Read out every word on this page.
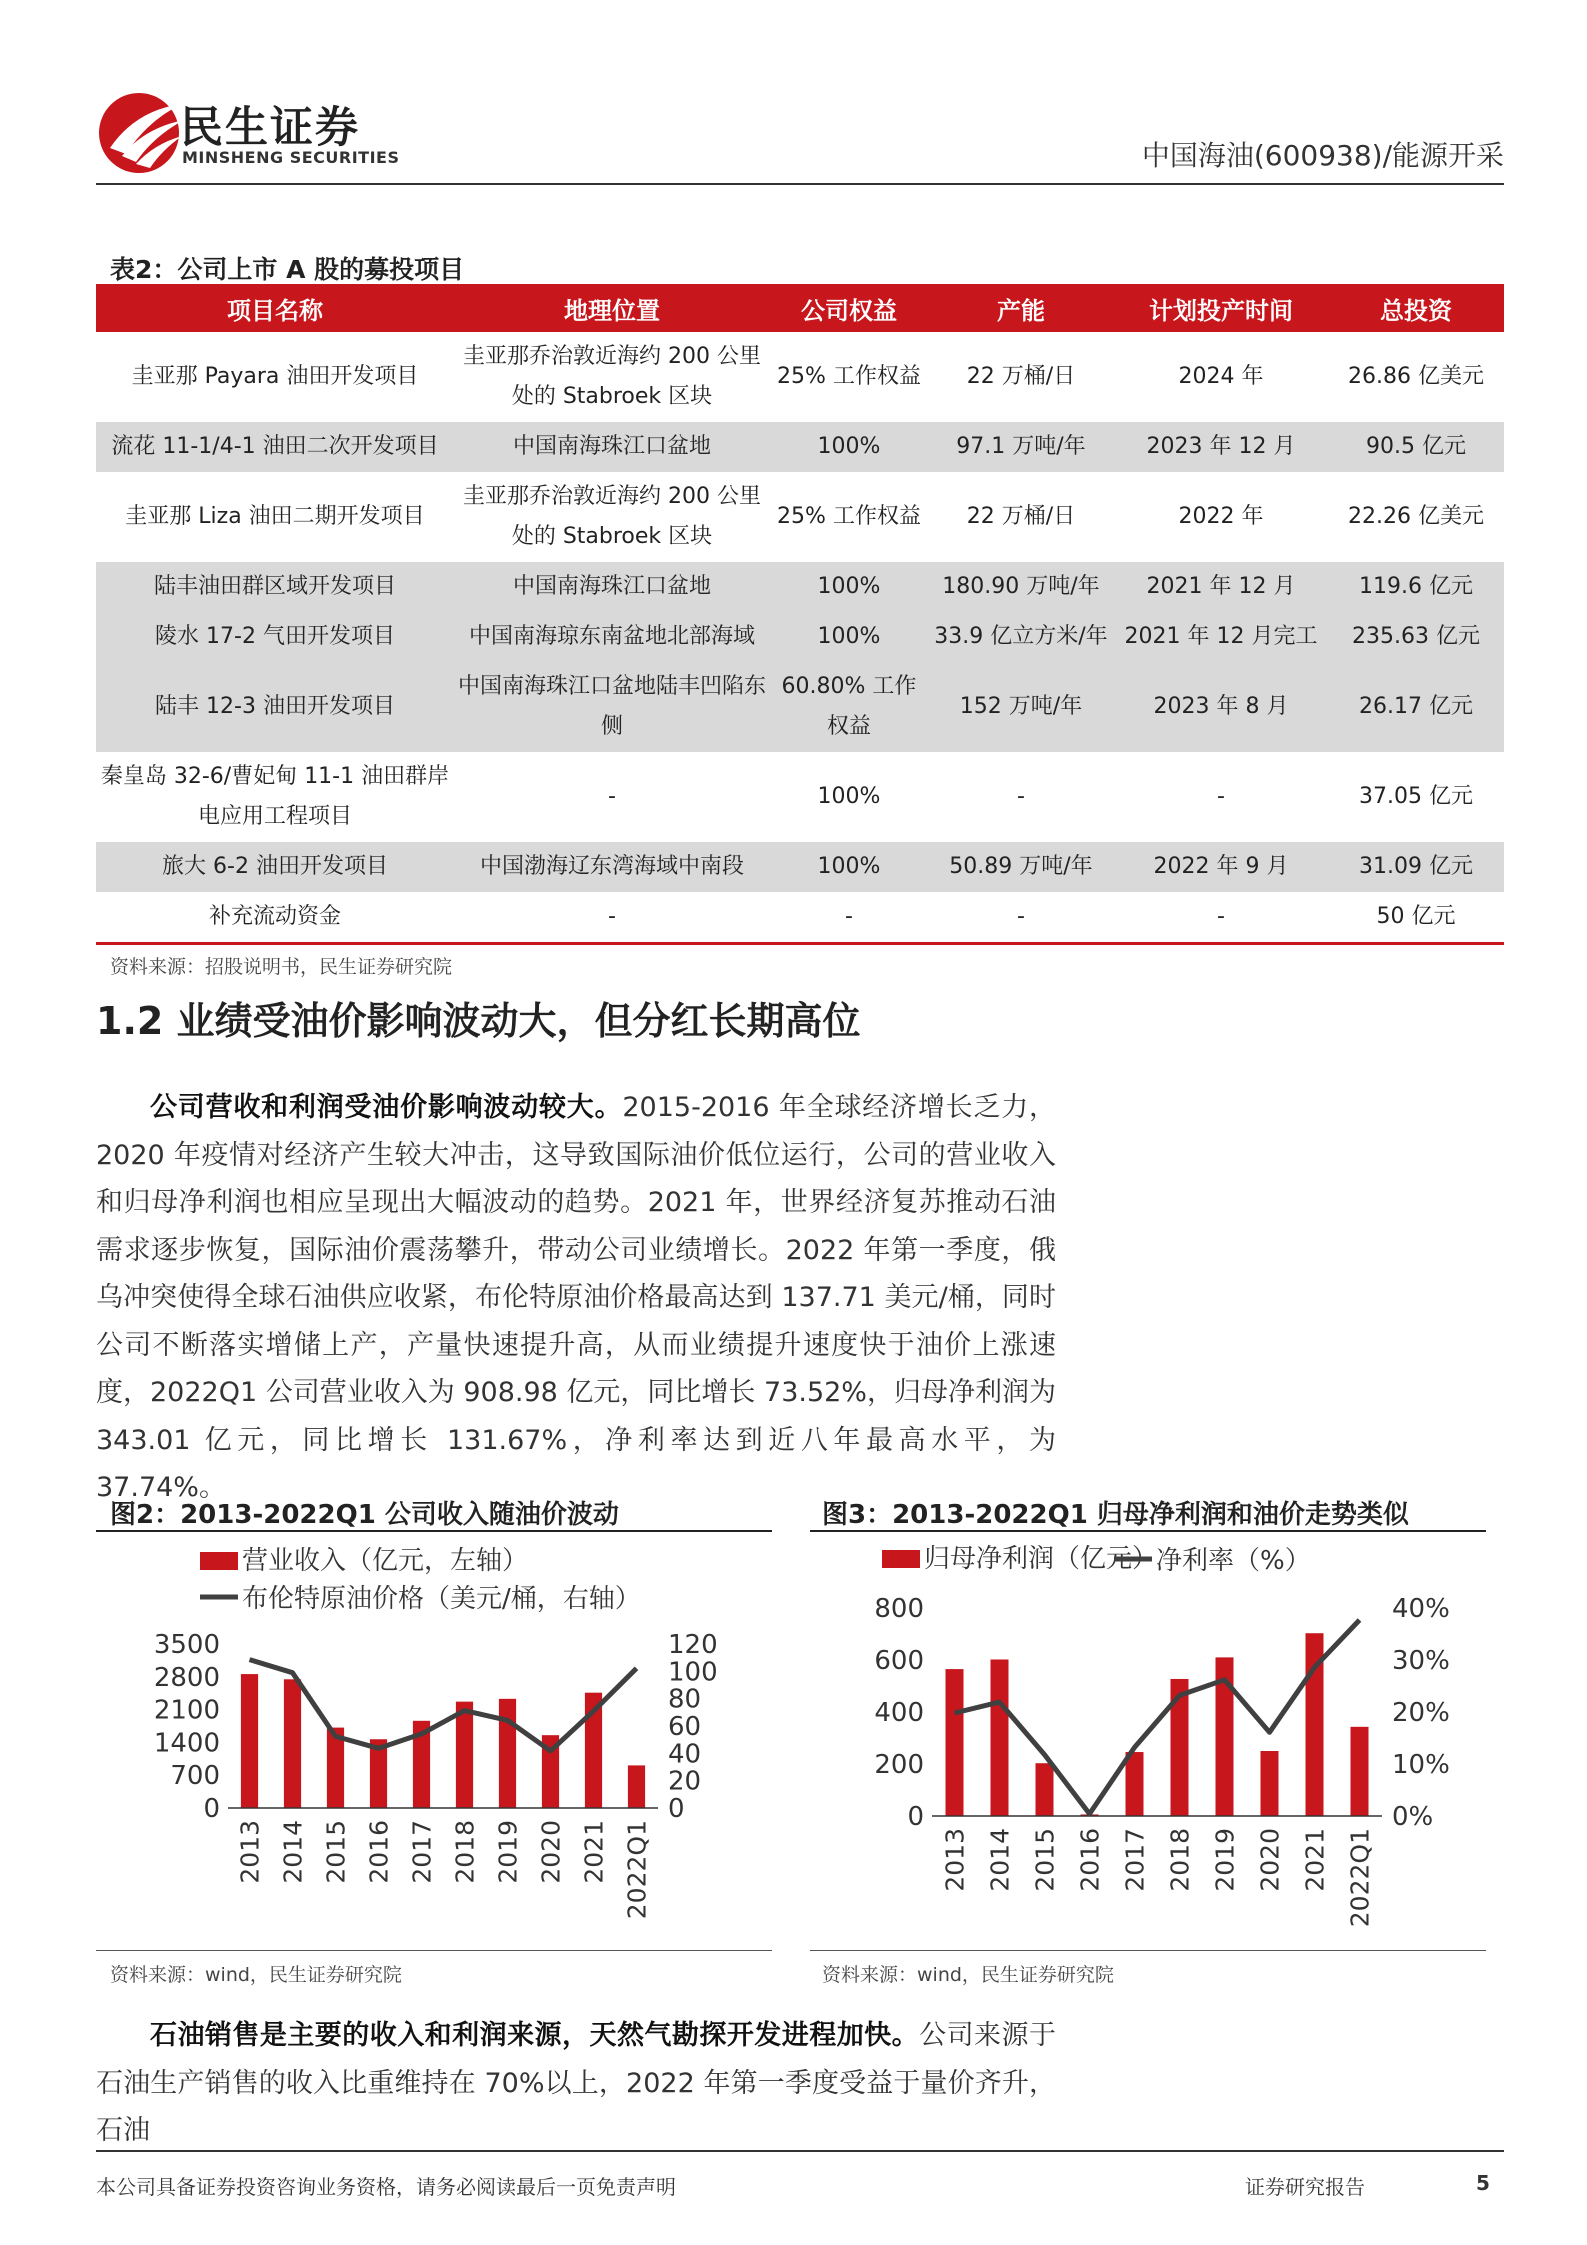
民生证券
MINSHENG SECURITIES	中国海油(600938)/能源开采
表2：公司上市 A 股的募投项目
项目名称	地理位置	公司权益	产能	计划投产时间	总投资
圭亚那 Payara 油田开发项目	圭亚那乔治敦近海约 200 公里处的 Stabroek 区块	25% 工作权益	22 万桶/日	2024 年	26.86 亿美元
流花 11-1/4-1 油田二次开发项目	中国南海珠江口盆地	100%	97.1 万吨/年	2023 年 12 月	90.5 亿元
圭亚那 Liza 油田二期开发项目	圭亚那乔治敦近海约 200 公里处的 Stabroek 区块	25% 工作权益	22 万桶/日	2022 年	22.26 亿美元
陆丰油田群区域开发项目	中国南海珠江口盆地	100%	180.90 万吨/年	2021 年 12 月	119.6 亿元
陵水 17-2 气田开发项目	中国南海琼东南盆地北部海域	100%	33.9 亿立方米/年	2021 年 12 月完工	235.63 亿元
陆丰 12-3 油田开发项目	中国南海珠江口盆地陆丰凹陷东侧	60.80% 工作权益	152 万吨/年	2023 年 8 月	26.17 亿元
秦皇岛 32-6/曹妃甸 11-1 油田群岸电应用工程项目	-	100%	-	-	37.05 亿元
旅大 6-2 油田开发项目	中国渤海辽东湾海域中南段	100%	50.89 万吨/年	2022 年 9 月	31.09 亿元
补充流动资金	-	-	-	-	50 亿元
资料来源：招股说明书，民生证券研究院
1.2 业绩受油价影响波动大，但分红长期高位
公司营收和利润受油价影响波动较大。2015-2016 年全球经济增长乏力，2020 年疫情对经济产生较大冲击，这导致国际油价低位运行，公司的营业收入和归母净利润也相应呈现出大幅波动的趋势。2021 年，世界经济复苏推动石油需求逐步恢复，国际油价震荡攀升，带动公司业绩增长。2022 年第一季度，俄乌冲突使得全球石油供应收紧，布伦特原油价格最高达到 137.71 美元/桶，同时公司不断落实增储上产，产量快速提升高，从而业绩提升速度快于油价上涨速度，2022Q1 公司营业收入为 908.98 亿元，同比增长 73.52%，归母净利润为 343.01 亿元，同比增长 131.67%，净利率达到近八年最高水平，为 37.74%。
图2：2013-2022Q1 公司收入随油价波动
营业收入（亿元，左轴）
布伦特原油价格（美元/桶，右轴）
3500
2800
2100
1400
700
0
120
100
80
60
40
20
0
2013 2014 2015 2016 2017 2018 2019 2020 2021 2022Q1
资料来源：wind，民生证券研究院
图3：2013-2022Q1 归母净利润和油价走势类似
归母净利润（亿元）
净利率（%）
800
600
400
200
0
40%
30%
20%
10%
0%
2013 2014 2015 2016 2017 2018 2019 2020 2021 2022Q1
资料来源：wind，民生证券研究院
石油销售是主要的收入和利润来源，天然气勘探开发进程加快。公司来源于石油生产销售的收入比重维持在 70%以上，2022 年第一季度受益于量价齐升，石油
本公司具备证券投资咨询业务资格，请务必阅读最后一页免责声明	证券研究报告	5
